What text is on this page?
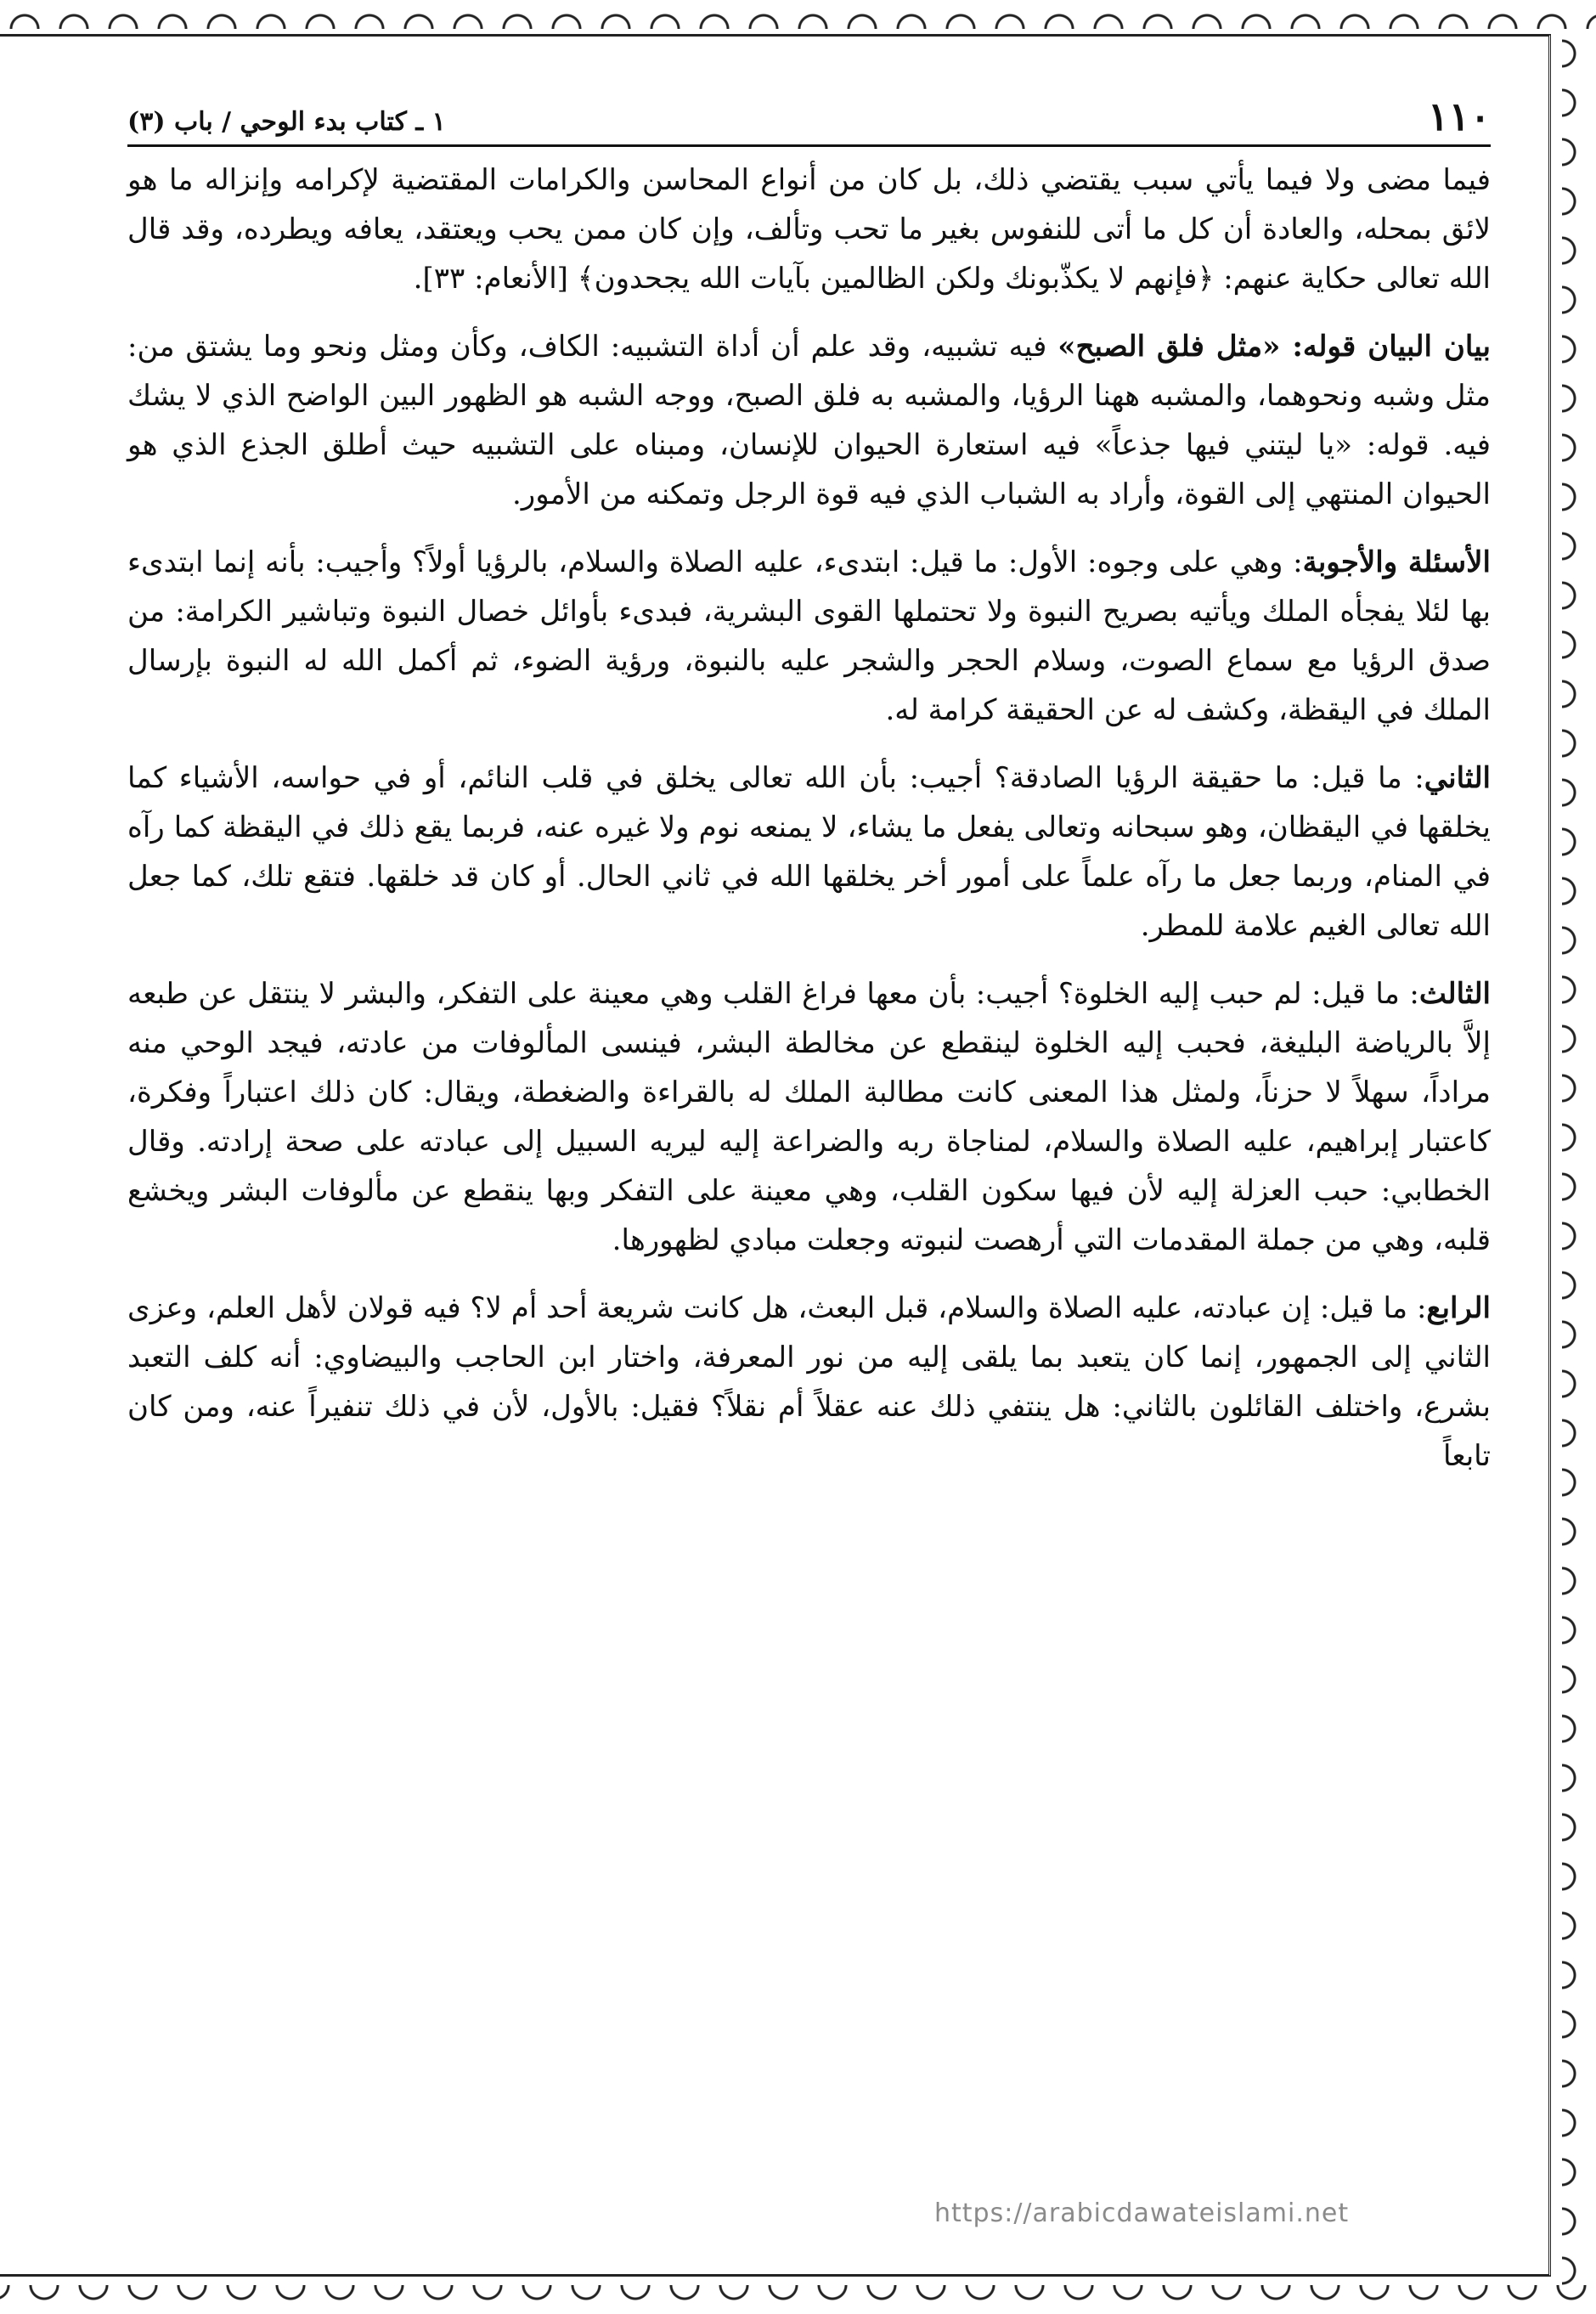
١١٠
١ ـ كتاب بدء الوحي / باب (٣)

فيما مضى ولا فيما يأتي سبب يقتضي ذلك، بل كان من أنواع المحاسن والكرامات المقتضية لإكرامه وإنزاله ما هو لائق بمحله، والعادة أن كل ما أتى للنفوس بغير ما تحب وتألف، وإن كان ممن يحب ويعتقد، يعافه ويطرده، وقد قال الله تعالى حكاية عنهم: ﴿فإنهم لا يكذّبونك ولكن الظالمين بآيات الله يجحدون﴾ [الأنعام: ٣٣].

بيان البيان قوله: «مثل فلق الصبح» فيه تشبيه، وقد علم أن أداة التشبيه: الكاف، وكأن ومثل ونحو وما يشتق من: مثل وشبه ونحوهما، والمشبه ههنا الرؤيا، والمشبه به فلق الصبح، ووجه الشبه هو الظهور البين الواضح الذي لا يشك فيه. قوله: «يا ليتني فيها جذعاً» فيه استعارة الحيوان للإنسان، ومبناه على التشبيه حيث أطلق الجذع الذي هو الحيوان المنتهي إلى القوة، وأراد به الشباب الذي فيه قوة الرجل وتمكنه من الأمور.

الأسئلة والأجوبة: وهي على وجوه: الأول: ما قيل: ابتدىء، عليه الصلاة والسلام، بالرؤيا أولاً؟ وأجيب: بأنه إنما ابتدىء بها لئلا يفجأه الملك ويأتيه بصريح النبوة ولا تحتملها القوى البشرية، فبدىء بأوائل خصال النبوة وتباشير الكرامة: من صدق الرؤيا مع سماع الصوت، وسلام الحجر والشجر عليه بالنبوة، ورؤية الضوء، ثم أكمل الله له النبوة بإرسال الملك في اليقظة، وكشف له عن الحقيقة كرامة له.

الثاني: ما قيل: ما حقيقة الرؤيا الصادقة؟ أجيب: بأن الله تعالى يخلق في قلب النائم، أو في حواسه، الأشياء كما يخلقها في اليقظان، وهو سبحانه وتعالى يفعل ما يشاء، لا يمنعه نوم ولا غيره عنه، فربما يقع ذلك في اليقظة كما رآه في المنام، وربما جعل ما رآه علماً على أمور أخر يخلقها الله في ثاني الحال. أو كان قد خلقها. فتقع تلك، كما جعل الله تعالى الغيم علامة للمطر.

الثالث: ما قيل: لم حبب إليه الخلوة؟ أجيب: بأن معها فراغ القلب وهي معينة على التفكر، والبشر لا ينتقل عن طبعه إلاَّ بالرياضة البليغة، فحبب إليه الخلوة لينقطع عن مخالطة البشر، فينسى المألوفات من عادته، فيجد الوحي منه مراداً، سهلاً لا حزناً، ولمثل هذا المعنى كانت مطالبة الملك له بالقراءة والضغطة، ويقال: كان ذلك اعتباراً وفكرة، كاعتبار إبراهيم، عليه الصلاة والسلام، لمناجاة ربه والضراعة إليه ليريه السبيل إلى عبادته على صحة إرادته. وقال الخطابي: حبب العزلة إليه لأن فيها سكون القلب، وهي معينة على التفكر وبها ينقطع عن مألوفات البشر ويخشع قلبه، وهي من جملة المقدمات التي أرهصت لنبوته وجعلت مبادي لظهورها.

الرابع: ما قيل: إن عبادته، عليه الصلاة والسلام، قبل البعث، هل كانت شريعة أحد أم لا؟ فيه قولان لأهل العلم، وعزى الثاني إلى الجمهور، إنما كان يتعبد بما يلقى إليه من نور المعرفة، واختار ابن الحاجب والبيضاوي: أنه كلف التعبد بشرع، واختلف القائلون بالثاني: هل ينتفي ذلك عنه عقلاً أم نقلاً؟ فقيل: بالأول، لأن في ذلك تنفيراً عنه، ومن كان تابعاً

https://arabicdawateislami.net
